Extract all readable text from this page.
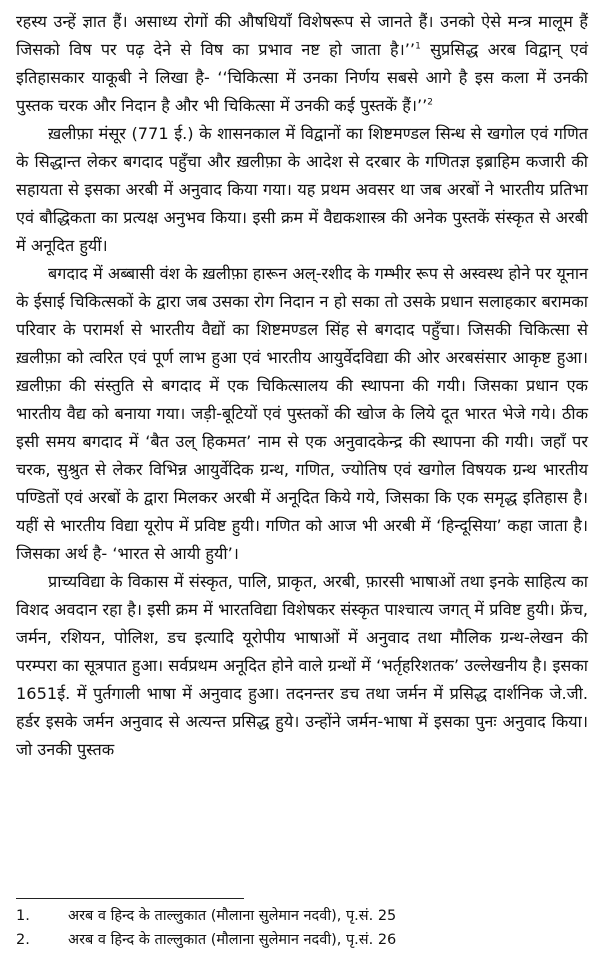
रहस्य उन्हें ज्ञात हैं। असाध्य रोगों की औषधियाँ विशेषरूप से जानते हैं। उनको ऐसे मन्त्र मालूम हैं जिसको विष पर पढ़ देने से विष का प्रभाव नष्ट हो जाता है।’’$^1$ सुप्रसिद्ध अरब विद्वान् एवं इतिहासकार याकूबी ने लिखा है- ‘‘चिकित्सा में उनका निर्णय सबसे आगे है इस कला में उनकी पुस्तक चरक और निदान है और भी चिकित्सा में उनकी कई पुस्तकें हैं।’’$^2$

ख़लीफ़ा मंसूर (771 ई.) के शासनकाल में विद्वानों का शिष्टमण्डल सिन्ध से खगोल एवं गणित के सिद्धान्त लेकर बगदाद पहुँचा और ख़लीफ़ा के आदेश से दरबार के गणितज्ञ इब्राहिम कजारी की सहायता से इसका अरबी में अनुवाद किया गया। यह प्रथम अवसर था जब अरबों ने भारतीय प्रतिभा एवं बौद्धिकता का प्रत्यक्ष अनुभव किया। इसी क्रम में वैद्यकशास्त्र की अनेक पुस्तकें संस्कृत से अरबी में अनूदित हुयीं।

बगदाद में अब्बासी वंश के ख़लीफ़ा हारून अल्-रशीद के गम्भीर रूप से अस्वस्थ होने पर यूनान के ईसाई चिकित्सकों के द्वारा जब उसका रोग निदान न हो सका तो उसके प्रधान सलाहकार बरामका परिवार के परामर्श से भारतीय वैद्यों का शिष्टमण्डल सिंह से बगदाद पहुँचा। जिसकी चिकित्सा से ख़लीफ़ा को त्वरित एवं पूर्ण लाभ हुआ एवं भारतीय आयुर्वेदविद्या की ओर अरबसंसार आकृष्ट हुआ। ख़लीफ़ा की संस्तुति से बगदाद में एक चिकित्सालय की स्थापना की गयी। जिसका प्रधान एक भारतीय वैद्य को बनाया गया। जड़ी-बूटियों एवं पुस्तकों की खोज के लिये दूत भारत भेजे गये। ठीक इसी समय बगदाद में ‘बैत उल् हिकमत’ नाम से एक अनुवादकेन्द्र की स्थापना की गयी। जहाँ पर चरक, सुश्रुत से लेकर विभिन्न आयुर्वेदिक ग्रन्थ, गणित, ज्योतिष एवं खगोल विषयक ग्रन्थ भारतीय पण्डितों एवं अरबों के द्वारा मिलकर अरबी में अनूदित किये गये, जिसका कि एक समृद्ध इतिहास है। यहीं से भारतीय विद्या यूरोप में प्रविष्ट हुयी। गणित को आज भी अरबी में ‘हिन्दूसिया’ कहा जाता है। जिसका अर्थ है- ‘भारत से आयी हुयी’।

प्राच्यविद्या के विकास में संस्कृत, पालि, प्राकृत, अरबी, फ़ारसी भाषाओं तथा इनके साहित्य का विशद अवदान रहा है। इसी क्रम में भारतविद्या विशेषकर संस्कृत पाश्चात्य जगत् में प्रविष्ट हुयी। फ्रेंच, जर्मन, रशियन, पोलिश, डच इत्यादि यूरोपीय भाषाओं में अनुवाद तथा मौलिक ग्रन्थ-लेखन की परम्परा का सूत्रपात हुआ। सर्वप्रथम अनूदित होने वाले ग्रन्थों में ‘भर्तृहरिशतक’ उल्लेखनीय है। इसका 1651ई. में पुर्तगाली भाषा में अनुवाद हुआ। तदनन्तर डच तथा जर्मन में प्रसिद्ध दार्शनिक जे.जी. हर्डर इसके जर्मन अनुवाद से अत्यन्त प्रसिद्ध हुये। उन्होंने जर्मन-भाषा में इसका पुनः अनुवाद किया। जो उनकी पुस्तक

1.	अरब व हिन्द के ताल्लुकात (मौलाना सुलेमान नदवी), पृ.सं. 25
2.	अरब व हिन्द के ताल्लुकात (मौलाना सुलेमान नदवी), पृ.सं. 26
